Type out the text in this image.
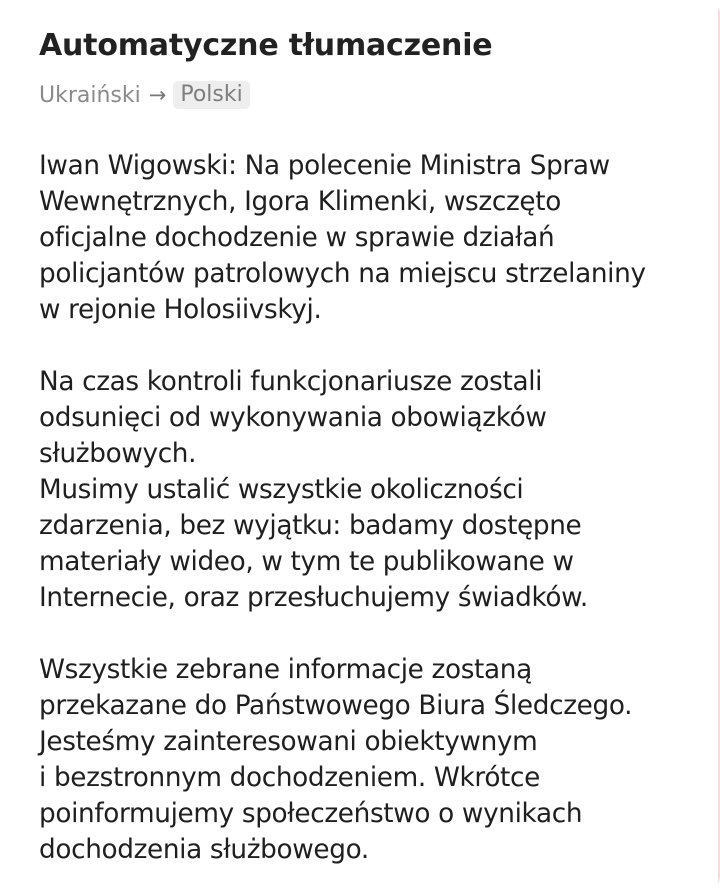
Automatyczne tłumaczenie
Ukraiński → Polski
Iwan Wigowski: Na polecenie Ministra Spraw
Wewnętrznych, Igora Klimenki, wszczęto
oficjalne dochodzenie w sprawie działań
policjantów patrolowych na miejscu strzelaniny
w rejonie Holosiivskyj.
Na czas kontroli funkcjonariusze zostali
odsunięci od wykonywania obowiązków
służbowych.
Musimy ustalić wszystkie okoliczności
zdarzenia, bez wyjątku: badamy dostępne
materiały wideo, w tym te publikowane w
Internecie, oraz przesłuchujemy świadków.
Wszystkie zebrane informacje zostaną
przekazane do Państwowego Biura Śledczego.
Jesteśmy zainteresowani obiektywnym
i bezstronnym dochodzeniem. Wkrótce
poinformujemy społeczeństwo o wynikach
dochodzenia służbowego.
